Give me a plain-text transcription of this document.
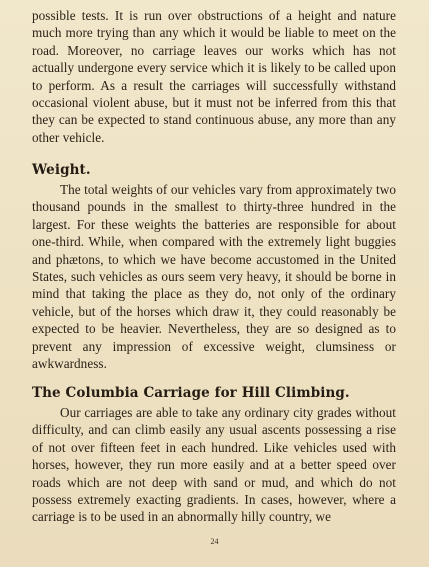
possible tests. It is run over obstructions of a height and nature much more trying than any which it would be liable to meet on the road. Moreover, no carriage leaves our works which has not actually undergone every service which it is likely to be called upon to perform. As a result the carriages will successfully withstand occasional violent abuse, but it must not be inferred from this that they can be expected to stand continuous abuse, any more than any other vehicle.

Weight.

The total weights of our vehicles vary from approximately two thousand pounds in the smallest to thirty-three hundred in the largest. For these weights the batteries are responsible for about one-third. While, when compared with the extremely light buggies and phætons, to which we have become accustomed in the United States, such vehicles as ours seem very heavy, it should be borne in mind that taking the place as they do, not only of the ordinary vehicle, but of the horses which draw it, they could reasonably be expected to be heavier. Nevertheless, they are so designed as to prevent any impression of excessive weight, clumsiness or awkwardness.

The Columbia Carriage for Hill Climbing.

Our carriages are able to take any ordinary city grades without difficulty, and can climb easily any usual ascents possessing a rise of not over fifteen feet in each hundred. Like vehicles used with horses, however, they run more easily and at a better speed over roads which are not deep with sand or mud, and which do not possess extremely exacting gradients. In cases, however, where a carriage is to be used in an abnormally hilly country, we

24
